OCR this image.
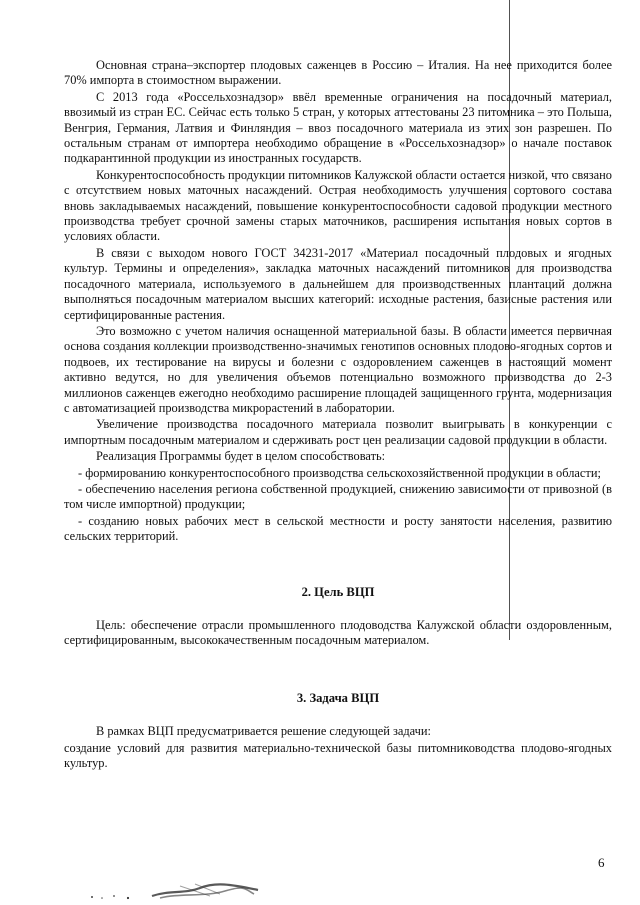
Основная страна–экспортер плодовых саженцев в Россию – Италия. На нее приходится более 70% импорта в стоимостном выражении.

С 2013 года «Россельхознадзор» ввёл временные ограничения на посадочный материал, ввозимый из стран ЕС. Сейчас есть только 5 стран, у которых аттестованы 23 питомника – это Польша, Венгрия, Германия, Латвия и Финляндия – ввоз посадочного материала из этих зон разрешен. По остальным странам от импортера необходимо обращение в «Россельхознадзор» о начале поставок подкарантинной продукции из иностранных государств.

Конкурентоспособность продукции питомников Калужской области остается низкой, что связано с отсутствием новых маточных насаждений. Острая необходимость улучшения сортового состава вновь закладываемых насаждений, повышение конкурентоспособности садовой продукции местного производства требует срочной замены старых маточников, расширения испытания новых сортов в условиях области.

В связи с выходом нового ГОСТ 34231-2017 «Материал посадочный плодовых и ягодных культур. Термины и определения», закладка маточных насаждений питомников для производства посадочного материала, используемого в дальнейшем для производственных плантаций должна выполняться посадочным материалом высших категорий: исходные растения, базисные растения или сертифицированные растения.

Это возможно с учетом наличия оснащенной материальной базы. В области имеется первичная основа создания коллекции производственно-значимых генотипов основных плодово-ягодных сортов и подвоев, их тестирование на вирусы и болезни с оздоровлением саженцев в настоящий момент активно ведутся, но для увеличения объемов потенциально возможного производства до 2-3 миллионов саженцев ежегодно необходимо расширение площадей защищенного грунта, модернизация с автоматизацией производства микрорастений в лаборатории.

Увеличение производства посадочного материала позволит выигрывать в конкуренции с импортным посадочным материалом и сдерживать рост цен реализации садовой продукции в области.

Реализация Программы будет в целом способствовать:

- формированию конкурентоспособного производства сельскохозяйственной продукции в области;

- обеспечению населения региона собственной продукцией, снижению зависимости от привозной (в том числе импортной) продукции;

- созданию новых рабочих мест в сельской местности и росту занятости населения, развитию сельских территорий.

2. Цель ВЦП

Цель: обеспечение отрасли промышленного плодоводства Калужской области оздоровленным, сертифицированным, высококачественным посадочным материалом.

3. Задача ВЦП

В рамках ВЦП предусматривается решение следующей задачи:

создание условий для развития материально-технической базы питомниководства плодово-ягодных культур.

6
